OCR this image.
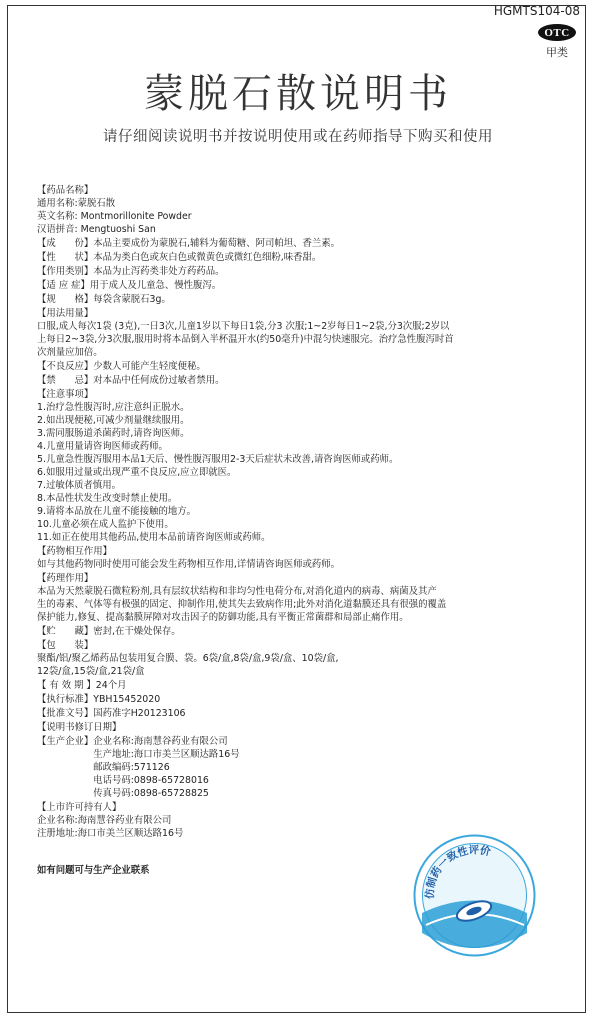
HGMTS104-08
OTC
甲类
蒙脱石散说明书
请仔细阅读说明书并按说明使用或在药师指导下购买和使用
【药品名称】
通用名称:蒙脱石散
英文名称: Montmorillonite Powder
汉语拼音: Mengtuoshi San
【成　　份】本品主要成份为蒙脱石,辅料为葡萄糖、阿司帕坦、香兰素。
【性　　状】本品为类白色或灰白色或微黄色或微红色细粉,味香甜。
【作用类别】本品为止泻药类非处方药药品。
【适 应 症】用于成人及儿童急、慢性腹泻。
【规　　格】每袋含蒙脱石3g。
【用法用量】
口服,成人每次1袋 (3克),一日3次,儿童1岁以下每日1袋,分3 次服;1~2岁每日1~2袋,分3次服;2岁以
上每日2~3袋,分3次服,服用时将本品倒入半杯温开水(约50毫升)中混匀快速服完。治疗急性腹泻时首
次剂量应加倍。
【不良反应】少数人可能产生轻度便秘。
【禁　　忌】对本品中任何成份过敏者禁用。
【注意事项】
1.治疗急性腹泻时,应注意纠正脱水。
2.如出现便秘,可减少剂量继续服用。
3.需同服肠道杀菌药时,请咨询医师。
4.儿童用量请咨询医师或药师。
5.儿童急性腹泻服用本品1天后、慢性腹泻服用2-3天后症状未改善,请咨询医师或药师。
6.如服用过量或出现严重不良反应,应立即就医。
7.过敏体质者慎用。
8.本品性状发生改变时禁止使用。
9.请将本品放在儿童不能接触的地方。
10.儿童必须在成人监护下使用。
11.如正在使用其他药品,使用本品前请咨询医师或药师。
【药物相互作用】
如与其他药物同时使用可能会发生药物相互作用,详情请咨询医师或药师。
【药理作用】
本品为天然蒙脱石微粒粉剂,具有层纹状结构和非均匀性电荷分布,对消化道内的病毒、病菌及其产
生的毒素、气体等有极强的固定、抑制作用,使其失去致病作用;此外对消化道黏膜还具有很强的覆盖
保护能力,修复、提高黏膜屏障对攻击因子的防御功能,具有平衡正常菌群和局部止痛作用。
【贮　　藏】密封,在干燥处保存。
【包　　装】
聚酯/铝/聚乙烯药品包装用复合膜、袋。6袋/盒,8袋/盒,9袋/盒、10袋/盒,
12袋/盒,15袋/盒,21袋/盒
【 有 效 期 】24个月
【执行标准】YBH15452020
【批准文号】国药准字H20123106
【说明书修订日期】
【生产企业】企业名称:海南慧谷药业有限公司
　　　　　　生产地址:海口市美兰区顺达路16号
　　　　　　邮政编码:571126
　　　　　　电话号码:0898-65728016
　　　　　　传真号码:0898-65728825
【上市许可持有人】
企业名称:海南慧谷药业有限公司
注册地址:海口市美兰区顺达路16号
如有问题可与生产企业联系
仿制药一致性评价
